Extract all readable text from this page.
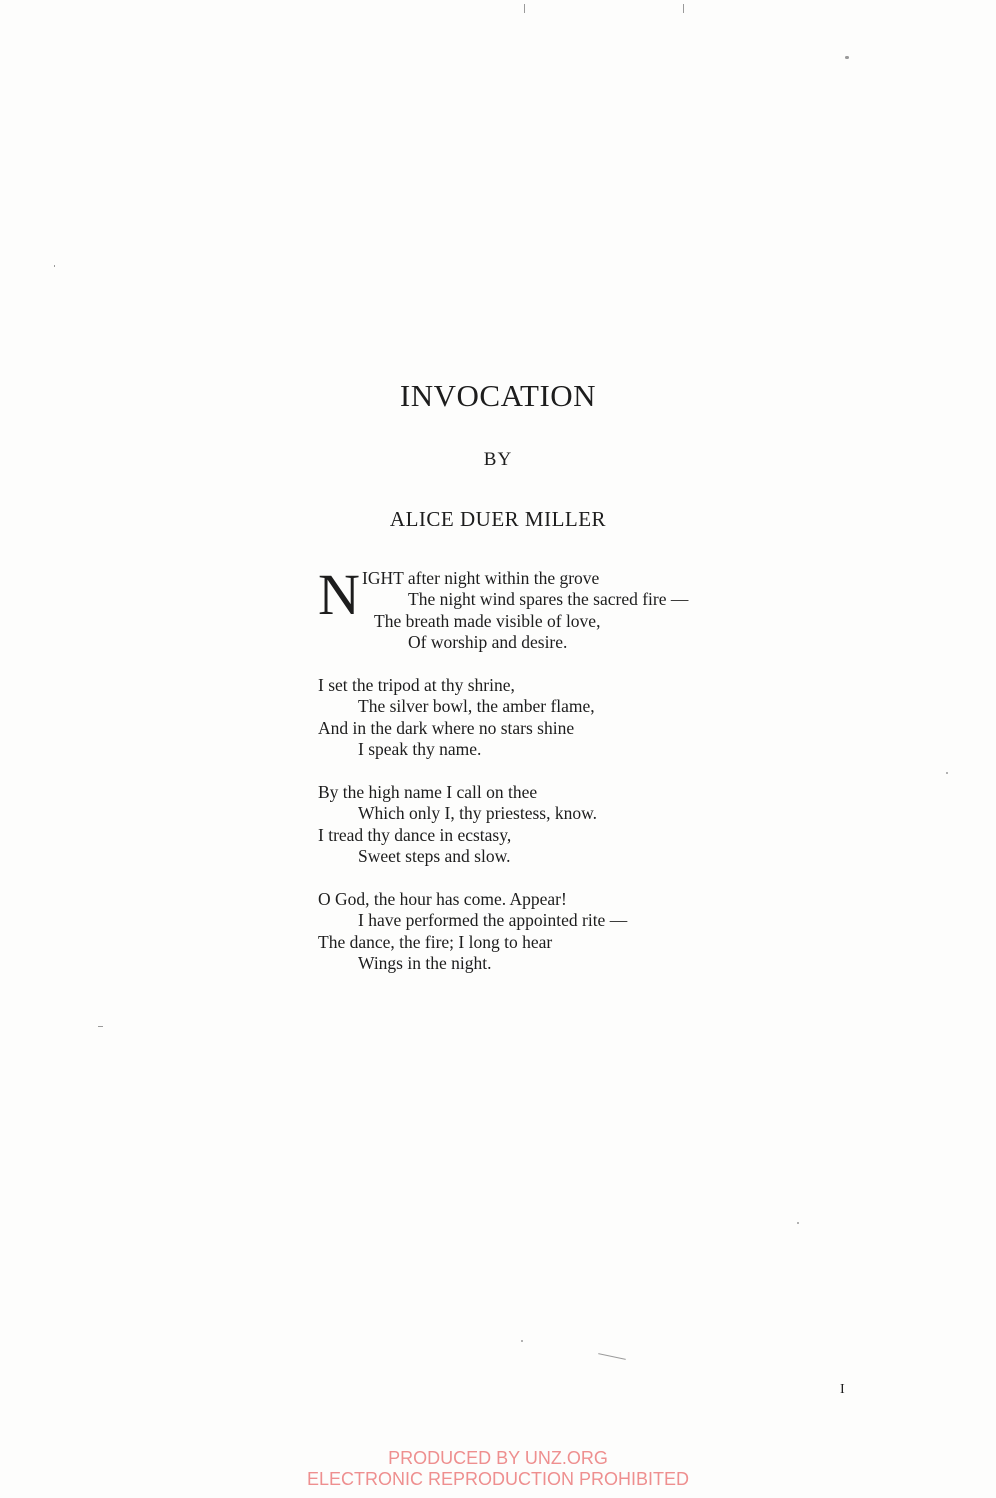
INVOCATION

BY

ALICE DUER MILLER

N IGHT after night within the grove
The night wind spares the sacred fire —
The breath made visible of love,
Of worship and desire.
I set the tripod at thy shrine,
The silver bowl, the amber flame,
And in the dark where no stars shine
I speak thy name.
By the high name I call on thee
Which only I, thy priestess, know.
I tread thy dance in ecstasy,
Sweet steps and slow.
O God, the hour has come. Appear!
I have performed the appointed rite —
The dance, the fire; I long to hear
Wings in the night.

I

PRODUCED BY UNZ.ORG
ELECTRONIC REPRODUCTION PROHIBITED
